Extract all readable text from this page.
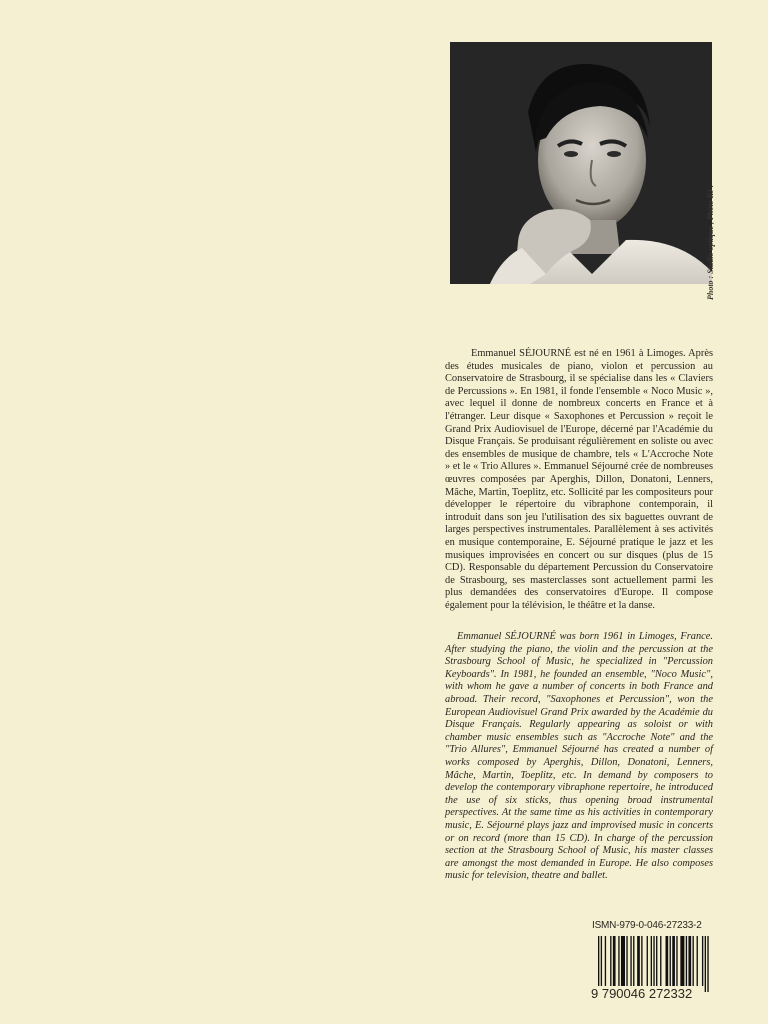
Photo : Studio optique , Photo RJ .

Emmanuel SÉJOURNÉ est né en 1961 à Limoges. Après des études musicales de piano, violon et percussion au Conservatoire de Strasbourg, il se spécialise dans les « Claviers de Percussions ». En 1981, il fonde l'ensemble « Noco Music », avec lequel il donne de nombreux concerts en France et à l'étranger. Leur disque « Saxophones et Percussion » reçoit le Grand Prix Audiovisuel de l'Europe, décerné par l'Académie du Disque Français. Se produisant régulièrement en soliste ou avec des ensembles de musique de chambre, tels « L'Accroche Note » et le « Trio Allures ». Emmanuel Séjourné crée de nombreuses œuvres composées par Aperghis, Dillon, Donatoni, Lenners, Mâche, Martin, Toeplitz, etc. Sollicité par les compositeurs pour développer le répertoire du vibraphone contemporain, il introduit dans son jeu l'utilisation des six baguettes ouvrant de larges perspectives instrumentales. Parallèlement à ses activités en musique contemporaine, E. Séjourné pratique le jazz et les musiques improvisées en concert ou sur disques (plus de 15 CD). Responsable du département Percussion du Conservatoire de Strasbourg, ses masterclasses sont actuellement parmi les plus demandées des conservatoires d'Europe. Il compose également pour la télévision, le théâtre et la danse.

Emmanuel SÉJOURNÉ was born 1961 in Limoges, France. After studying the piano, the violin and the percussion at the Strasbourg School of Music, he specialized in "Percussion Keyboards". In 1981, he founded an ensemble, "Noco Music", with whom he gave a number of concerts in both France and abroad. Their record, "Saxophones et Percussion", won the European Audiovisuel Grand Prix awarded by the Académie du Disque Français. Regularly appearing as soloist or with chamber music ensembles such as "Accroche Note" and the "Trio Allures", Emmanuel Séjourné has created a number of works composed by Aperghis, Dillon, Donatoni, Lenners, Mâche, Martin, Toeplitz, etc. In demand by composers to develop the contemporary vibraphone repertoire, he introduced the use of six sticks, thus opening broad instrumental perspectives. At the same time as his activities in contemporary music, E. Séjourné plays jazz and improvised music in concerts or on record (more than 15 CD). In charge of the percussion section at the Strasbourg School of Music, his master classes are amongst the most demanded in Europe. He also composes music for television, theatre and ballet.

ISMN-979-0-046-27233-2
9 790046 272332
